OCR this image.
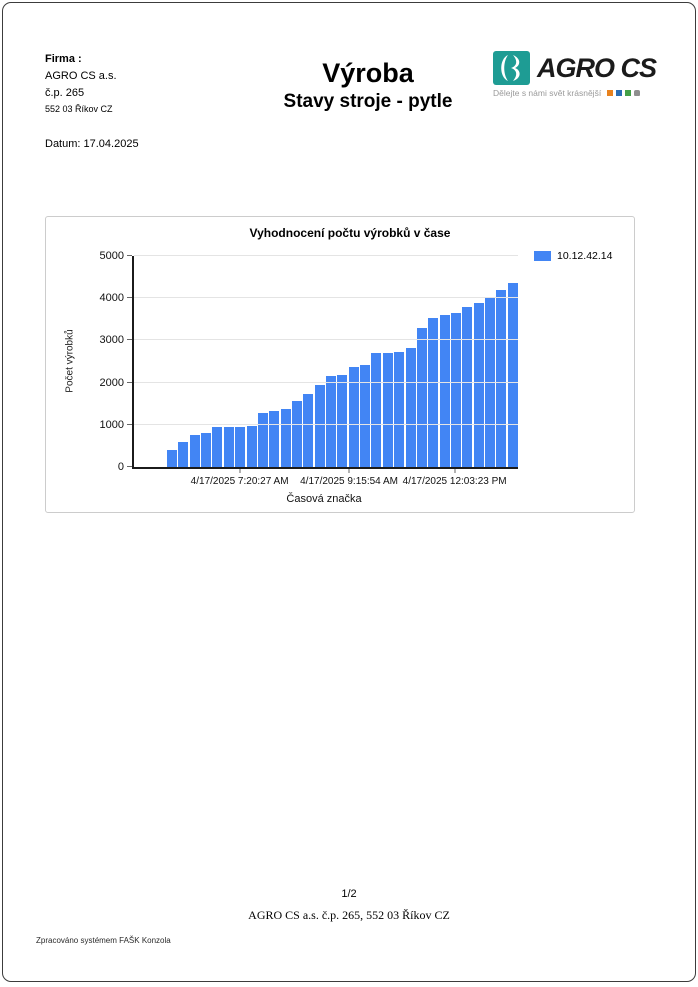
Firma :
AGRO CS a.s.
č.p. 265
552 03 Říkov CZ
Datum: 17.04.2025
Výroba
Stavy stroje - pytle
AGRO CS
Dělejte s námi svět krásnější
Vyhodnocení počtu výrobků v čase
10.12.42.14
Počet výrobků
0
1000
2000
3000
4000
5000
4/17/2025 7:20:27 AM 4/17/2025 9:15:54 AM 4/17/2025 12:03:23 PM
Časová značka
1/2
AGRO CS a.s. č.p. 265, 552 03 Říkov CZ
Zpracováno systémem FAŠK Konzola
